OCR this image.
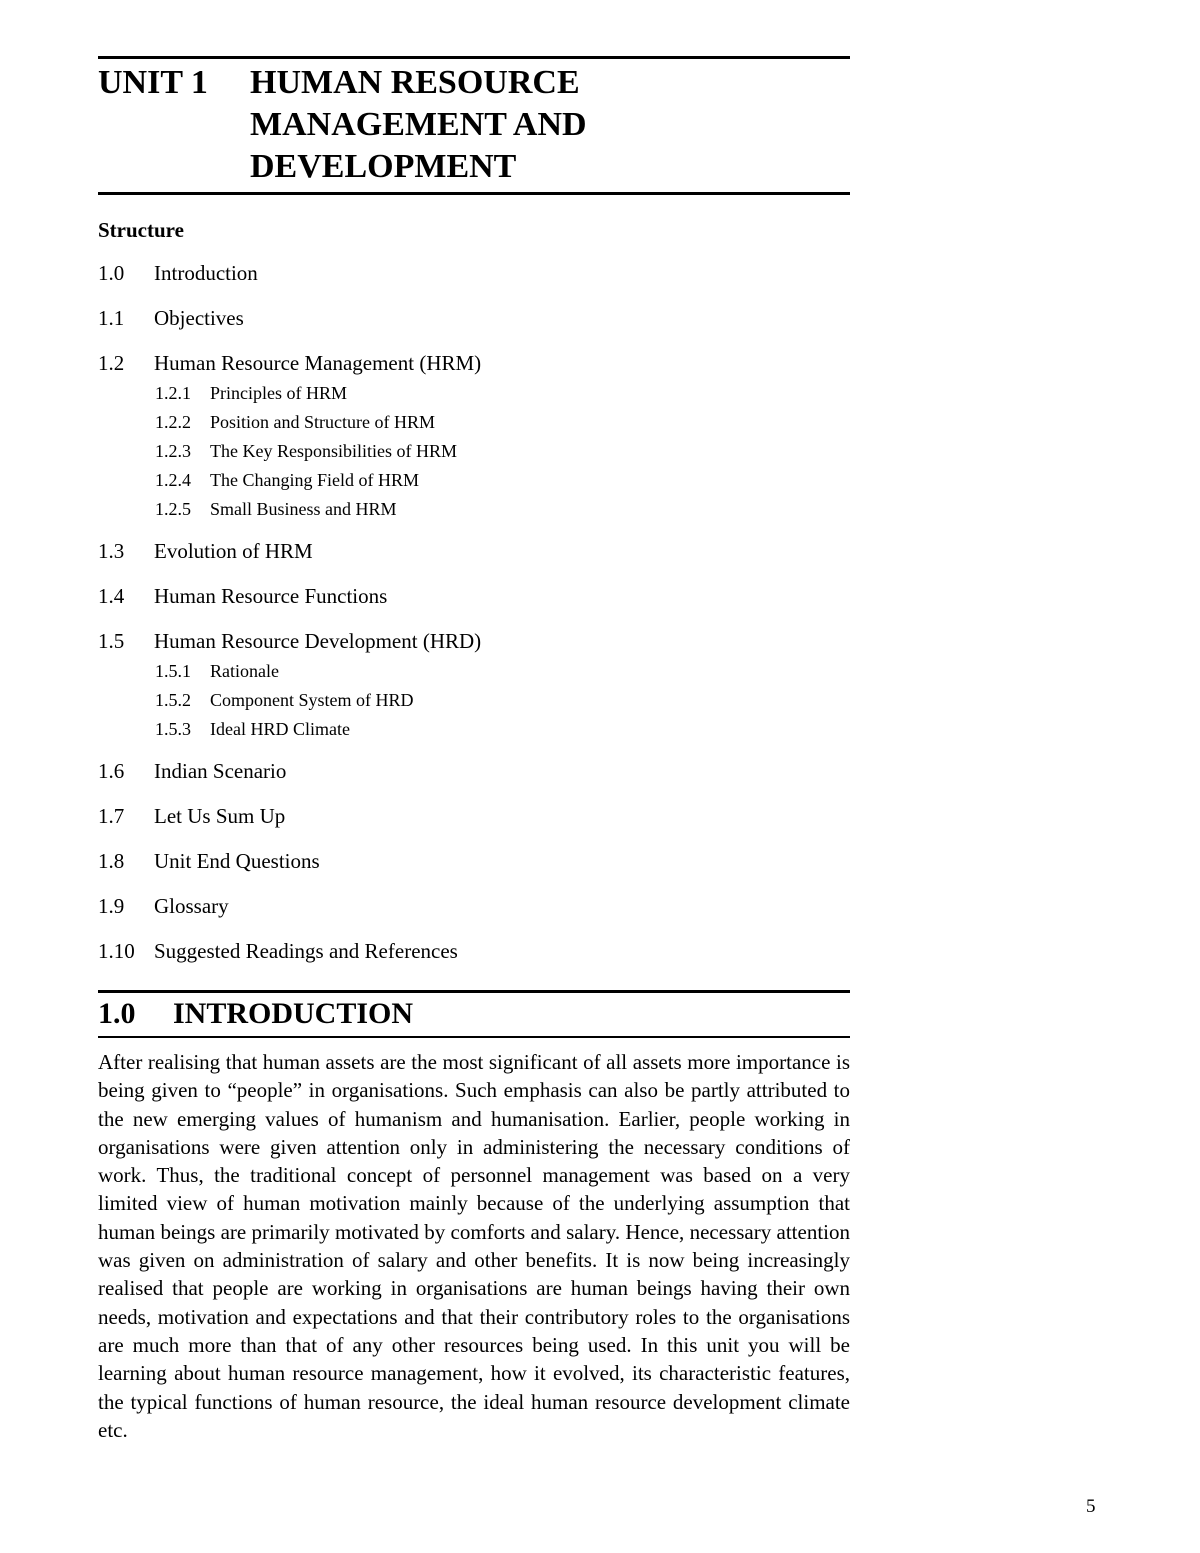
UNIT 1	HUMAN RESOURCE
MANAGEMENT AND
DEVELOPMENT
Structure
1.0	Introduction
1.1	Objectives
1.2	Human Resource Management (HRM)
1.2.1	Principles of HRM
1.2.2	Position and Structure of HRM
1.2.3	The Key Responsibilities of HRM
1.2.4	The Changing Field of HRM
1.2.5	Small Business and HRM
1.3	Evolution of HRM
1.4	Human Resource Functions
1.5	Human Resource Development (HRD)
1.5.1	Rationale
1.5.2	Component System of HRD
1.5.3	Ideal HRD Climate
1.6	Indian Scenario
1.7	Let Us Sum Up
1.8	Unit End Questions
1.9	Glossary
1.10 Suggested Readings and References
1.0	INTRODUCTION
After realising that human assets are the most significant of all assets more importance is being given to “people” in organisations. Such emphasis can also be partly attributed to the new emerging values of humanism and humanisation. Earlier, people working in organisations were given attention only in administering the necessary conditions of work. Thus, the traditional concept of personnel management was based on a very limited view of human motivation mainly because of the underlying assumption that human beings are primarily motivated by comforts and salary. Hence, necessary attention was given on administration of salary and other benefits. It is now being increasingly realised that people are working in organisations are human beings having their own needs, motivation and expectations and that their contributory roles to the organisations are much more than that of any other resources being used. In this unit you will be learning about human resource management, how it evolved, its characteristic features, the typical functions of human resource, the ideal human resource development climate etc.
5
